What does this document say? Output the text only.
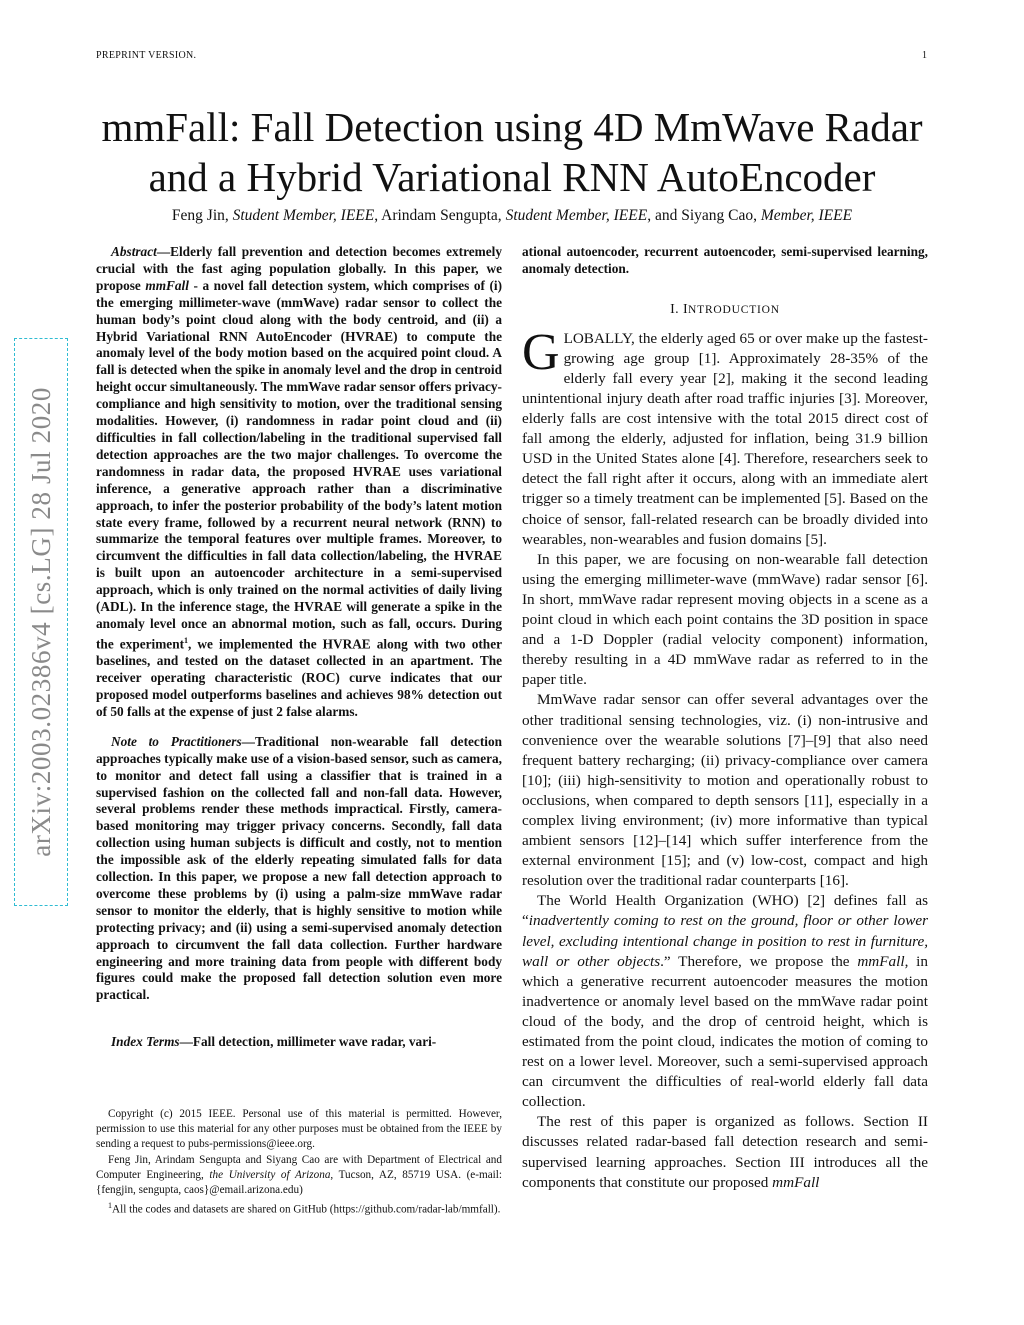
PREPRINT VERSION.	1
mmFall: Fall Detection using 4D MmWave Radar
and a Hybrid Variational RNN AutoEncoder
Feng Jin, Student Member, IEEE, Arindam Sengupta, Student Member, IEEE, and Siyang Cao, Member, IEEE
arXiv:2003.02386v4 [cs.LG] 28 Jul 2020

Abstract—Elderly fall prevention and detection becomes extremely crucial with the fast aging population globally. In this paper, we propose mmFall - a novel fall detection system, which comprises of (i) the emerging millimeter-wave (mmWave) radar sensor to collect the human body’s point cloud along with the body centroid, and (ii) a Hybrid Variational RNN AutoEncoder (HVRAE) to compute the anomaly level of the body motion based on the acquired point cloud. A fall is detected when the spike in anomaly level and the drop in centroid height occur simultaneously. The mmWave radar sensor offers privacy-compliance and high sensitivity to motion, over the traditional sensing modalities. However, (i) randomness in radar point cloud and (ii) difficulties in fall collection/labeling in the traditional supervised fall detection approaches are the two major challenges. To overcome the randomness in radar data, the proposed HVRAE uses variational inference, a generative approach rather than a discriminative approach, to infer the posterior probability of the body’s latent motion state every frame, followed by a recurrent neural network (RNN) to summarize the temporal features over multiple frames. Moreover, to circumvent the difficulties in fall data collection/labeling, the HVRAE is built upon an autoencoder architecture in a semi-supervised approach, which is only trained on the normal activities of daily living (ADL). In the inference stage, the HVRAE will generate a spike in the anomaly level once an abnormal motion, such as fall, occurs. During the experiment$^1$, we implemented the HVRAE along with two other baselines, and tested on the dataset collected in an apartment. The receiver operating characteristic (ROC) curve indicates that our proposed model outperforms baselines and achieves 98% detection out of 50 falls at the expense of just 2 false alarms.

Note to Practitioners—Traditional non-wearable fall detection approaches typically make use of a vision-based sensor, such as camera, to monitor and detect fall using a classifier that is trained in a supervised fashion on the collected fall and non-fall data. However, several problems render these methods impractical. Firstly, camera-based monitoring may trigger privacy concerns. Secondly, fall data collection using human subjects is difficult and costly, not to mention the impossible ask of the elderly repeating simulated falls for data collection. In this paper, we propose a new fall detection approach to overcome these problems by (i) using a palm-size mmWave radar sensor to monitor the elderly, that is highly sensitive to motion while protecting privacy; and (ii) using a semi-supervised anomaly detection approach to circumvent the fall data collection. Further hardware engineering and more training data from people with different body figures could make the proposed fall detection solution even more practical.

Index Terms—Fall detection, millimeter wave radar, vari-

Copyright (c) 2015 IEEE. Personal use of this material is permitted. However, permission to use this material for any other purposes must be obtained from the IEEE by sending a request to pubs-permissions@ieee.org.

Feng Jin, Arindam Sengupta and Siyang Cao are with Department of Electrical and Computer Engineering, the University of Arizona, Tucson, AZ, 85719 USA. (e-mail: {fengjin, sengupta, caos}@email.arizona.edu)

$^1$All the codes and datasets are shared on GitHub (https://github.com/radar-lab/mmfall).

ational autoencoder, recurrent autoencoder, semi-supervised learning, anomaly detection.

I. INTRODUCTION

GLOBALLY, the elderly aged 65 or over make up the fastest-growing age group [1]. Approximately 28-35% of the elderly fall every year [2], making it the second leading unintentional injury death after road traffic injuries [3]. Moreover, elderly falls are cost intensive with the total 2015 direct cost of fall among the elderly, adjusted for inflation, being 31.9 billion USD in the United States alone [4]. Therefore, researchers seek to detect the fall right after it occurs, along with an immediate alert trigger so a timely treatment can be implemented [5]. Based on the choice of sensor, fall-related research can be broadly divided into wearables, non-wearables and fusion domains [5].

In this paper, we are focusing on non-wearable fall detection using the emerging millimeter-wave (mmWave) radar sensor [6]. In short, mmWave radar represent moving objects in a scene as a point cloud in which each point contains the 3D position in space and a 1-D Doppler (radial velocity component) information, thereby resulting in a 4D mmWave radar as referred to in the paper title.

MmWave radar sensor can offer several advantages over the other traditional sensing technologies, viz. (i) non-intrusive and convenience over the wearable solutions [7]–[9] that also need frequent battery recharging; (ii) privacy-compliance over camera [10]; (iii) high-sensitivity to motion and operationally robust to occlusions, when compared to depth sensors [11], especially in a complex living environment; (iv) more informative than typical ambient sensors [12]–[14] which suffer interference from the external environment [15]; and (v) low-cost, compact and high resolution over the traditional radar counterparts [16].

The World Health Organization (WHO) [2] defines fall as “inadvertently coming to rest on the ground, floor or other lower level, excluding intentional change in position to rest in furniture, wall or other objects.” Therefore, we propose the mmFall, in which a generative recurrent autoencoder measures the motion inadvertence or anomaly level based on the mmWave radar point cloud of the body, and the drop of centroid height, which is estimated from the point cloud, indicates the motion of coming to rest on a lower level. Moreover, such a semi-supervised approach can circumvent the difficulties of real-world elderly fall data collection.

The rest of this paper is organized as follows. Section II discusses related radar-based fall detection research and semi-supervised learning approaches. Section III introduces all the components that constitute our proposed mmFall
